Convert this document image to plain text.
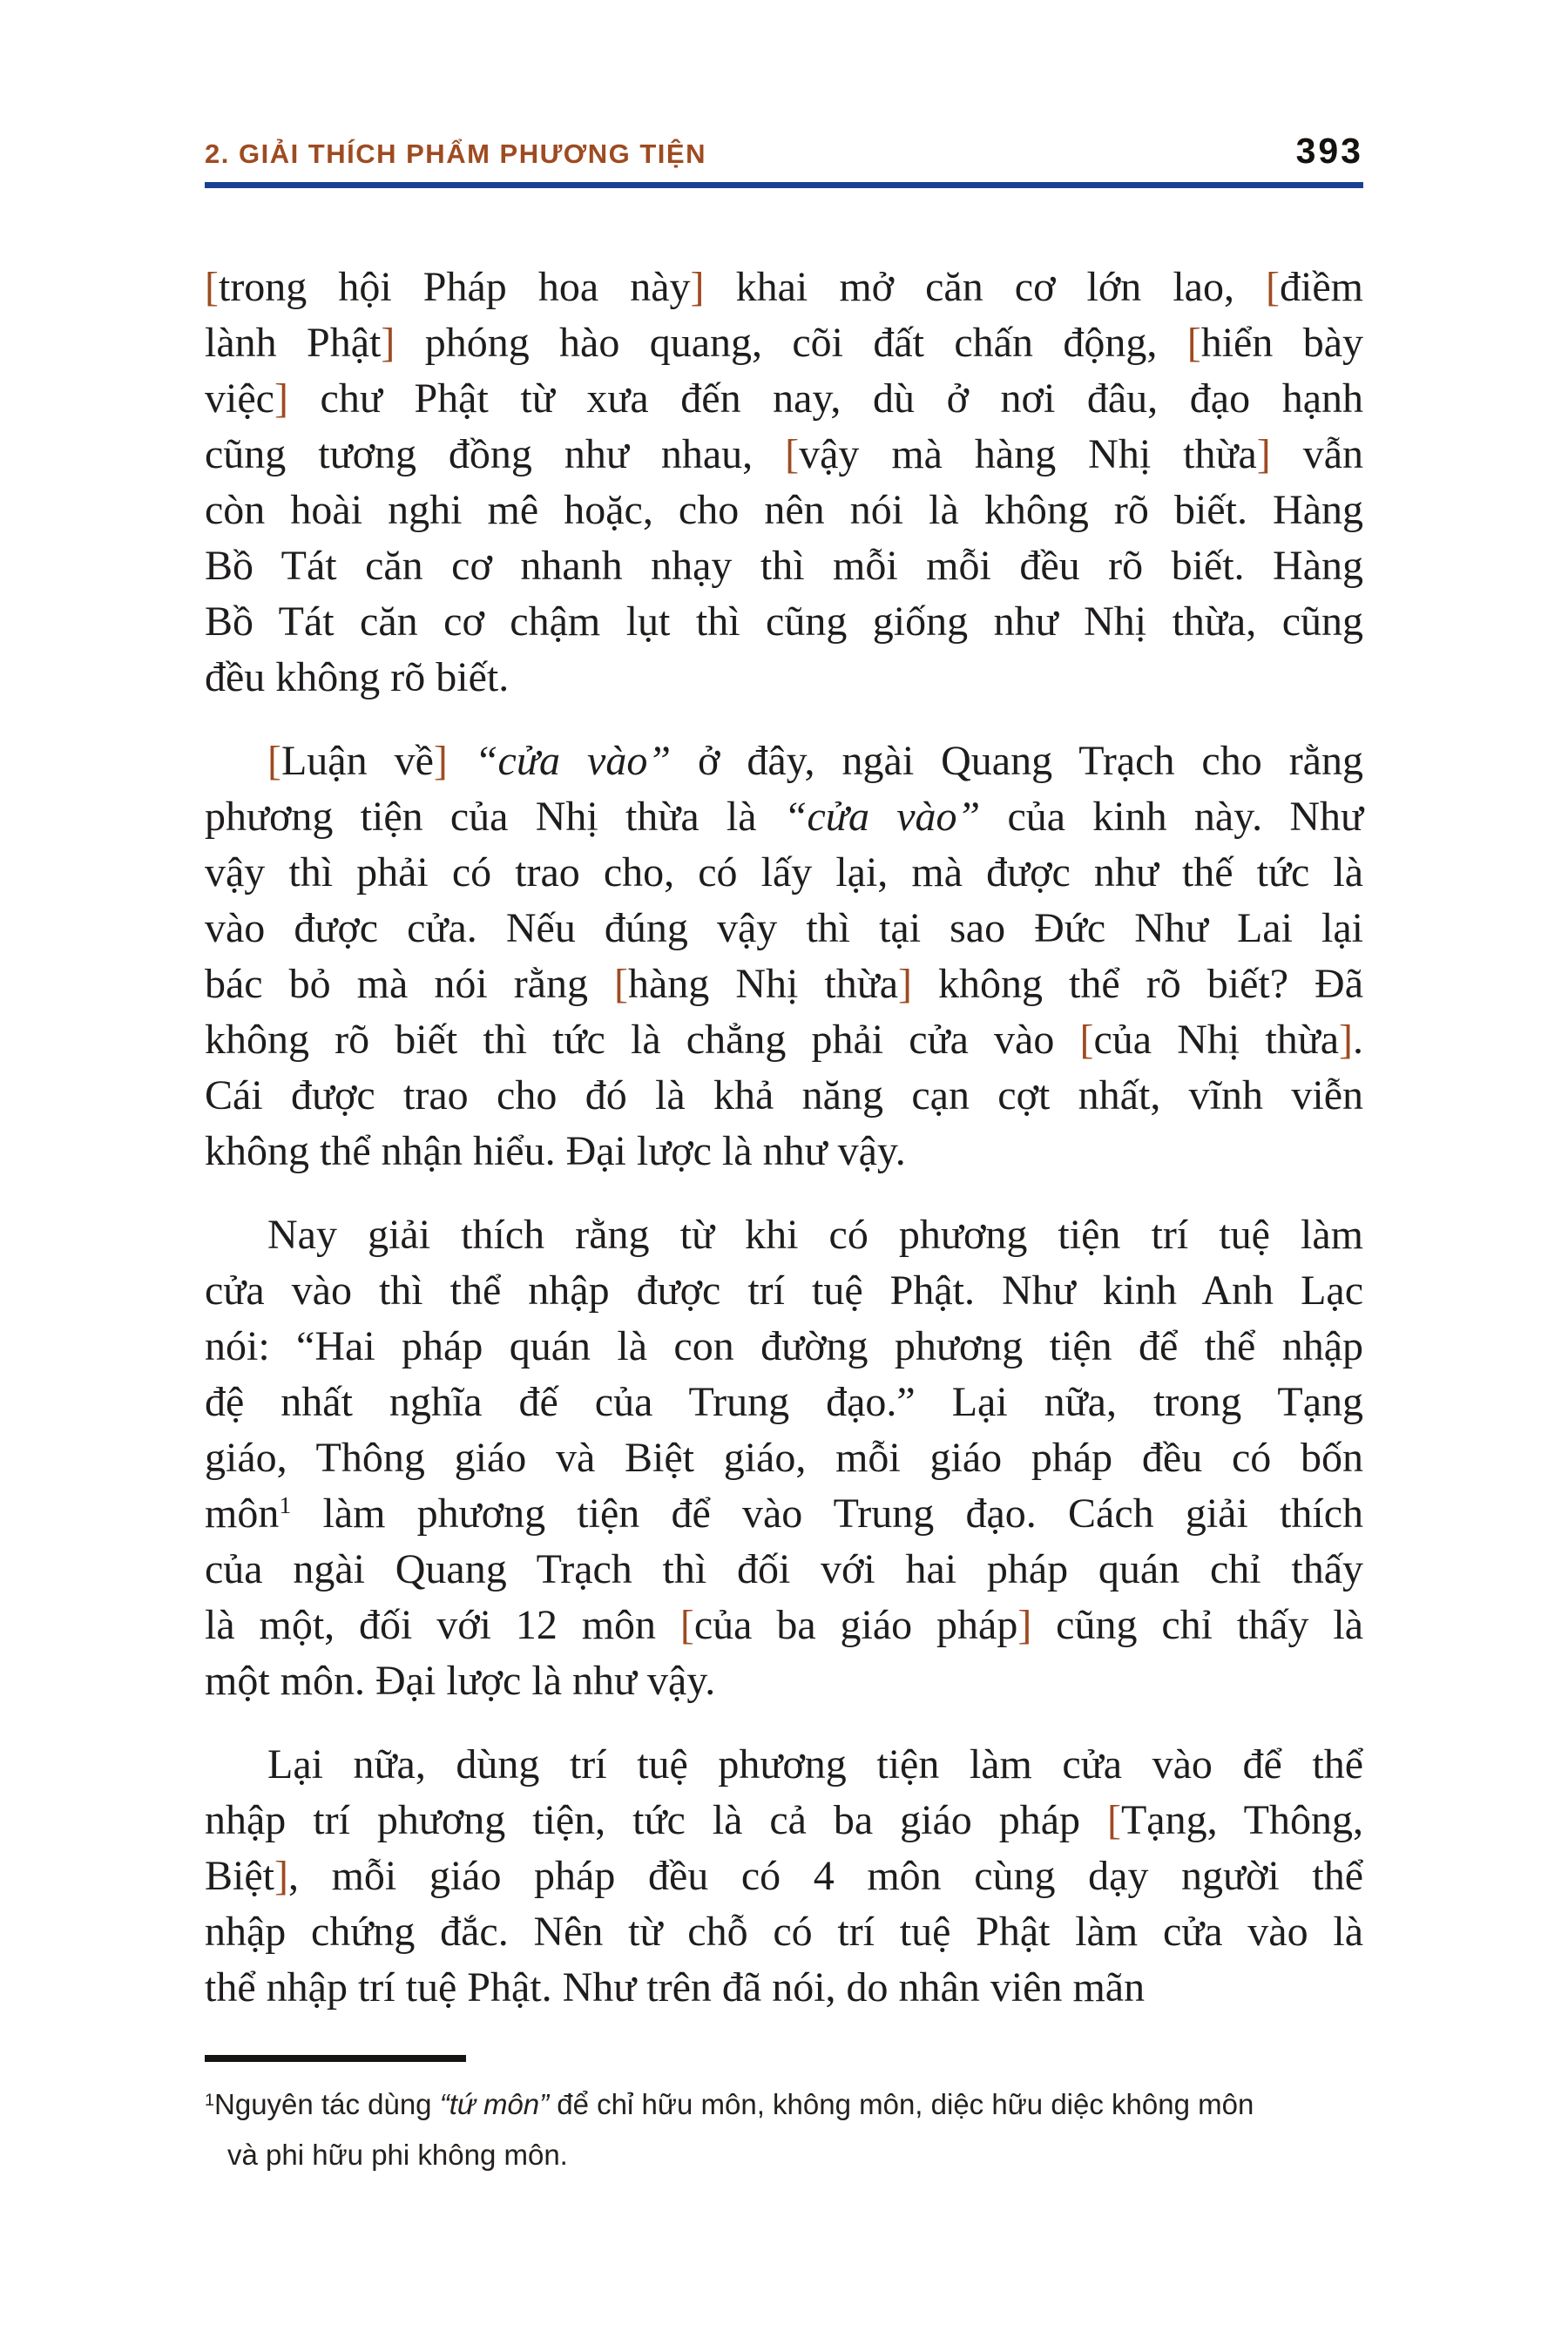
2. GIẢI THÍCH PHẨM PHƯƠNG TIỆN	393
[trong hội Pháp hoa này] khai mở căn cơ lớn lao, [điềm
lành Phật] phóng hào quang, cõi đất chấn động, [hiển bày
việc] chư Phật từ xưa đến nay, dù ở nơi đâu, đạo hạnh
cũng tương đồng như nhau, [vậy mà hàng Nhị thừa] vẫn
còn hoài nghi mê hoặc, cho nên nói là không rõ biết. Hàng
Bồ Tát căn cơ nhanh nhạy thì mỗi mỗi đều rõ biết. Hàng
Bồ Tát căn cơ chậm lụt thì cũng giống như Nhị thừa, cũng
đều không rõ biết.
[Luận về] “cửa vào” ở đây, ngài Quang Trạch cho rằng
phương tiện của Nhị thừa là “cửa vào” của kinh này. Như
vậy thì phải có trao cho, có lấy lại, mà được như thế tức là
vào được cửa. Nếu đúng vậy thì tại sao Đức Như Lai lại
bác bỏ mà nói rằng [hàng Nhị thừa] không thể rõ biết? Đã
không rõ biết thì tức là chẳng phải cửa vào [của Nhị thừa].
Cái được trao cho đó là khả năng cạn cợt nhất, vĩnh viễn
không thể nhận hiểu. Đại lược là như vậy.
Nay giải thích rằng từ khi có phương tiện trí tuệ làm
cửa vào thì thể nhập được trí tuệ Phật. Như kinh Anh Lạc
nói: “Hai pháp quán là con đường phương tiện để thể nhập
đệ nhất nghĩa đế của Trung đạo.” Lại nữa, trong Tạng
giáo, Thông giáo và Biệt giáo, mỗi giáo pháp đều có bốn
môn$^1$ làm phương tiện để vào Trung đạo. Cách giải thích
của ngài Quang Trạch thì đối với hai pháp quán chỉ thấy
là một, đối với 12 môn [của ba giáo pháp] cũng chỉ thấy là
một môn. Đại lược là như vậy.
Lại nữa, dùng trí tuệ phương tiện làm cửa vào để thể
nhập trí phương tiện, tức là cả ba giáo pháp [Tạng, Thông,
Biệt], mỗi giáo pháp đều có 4 môn cùng dạy người thể
nhập chứng đắc. Nên từ chỗ có trí tuệ Phật làm cửa vào là
thể nhập trí tuệ Phật. Như trên đã nói, do nhân viên mãn
$^1$Nguyên tác dùng “tứ môn” để chỉ hữu môn, không môn, diệc hữu diệc không môn
và phi hữu phi không môn.
